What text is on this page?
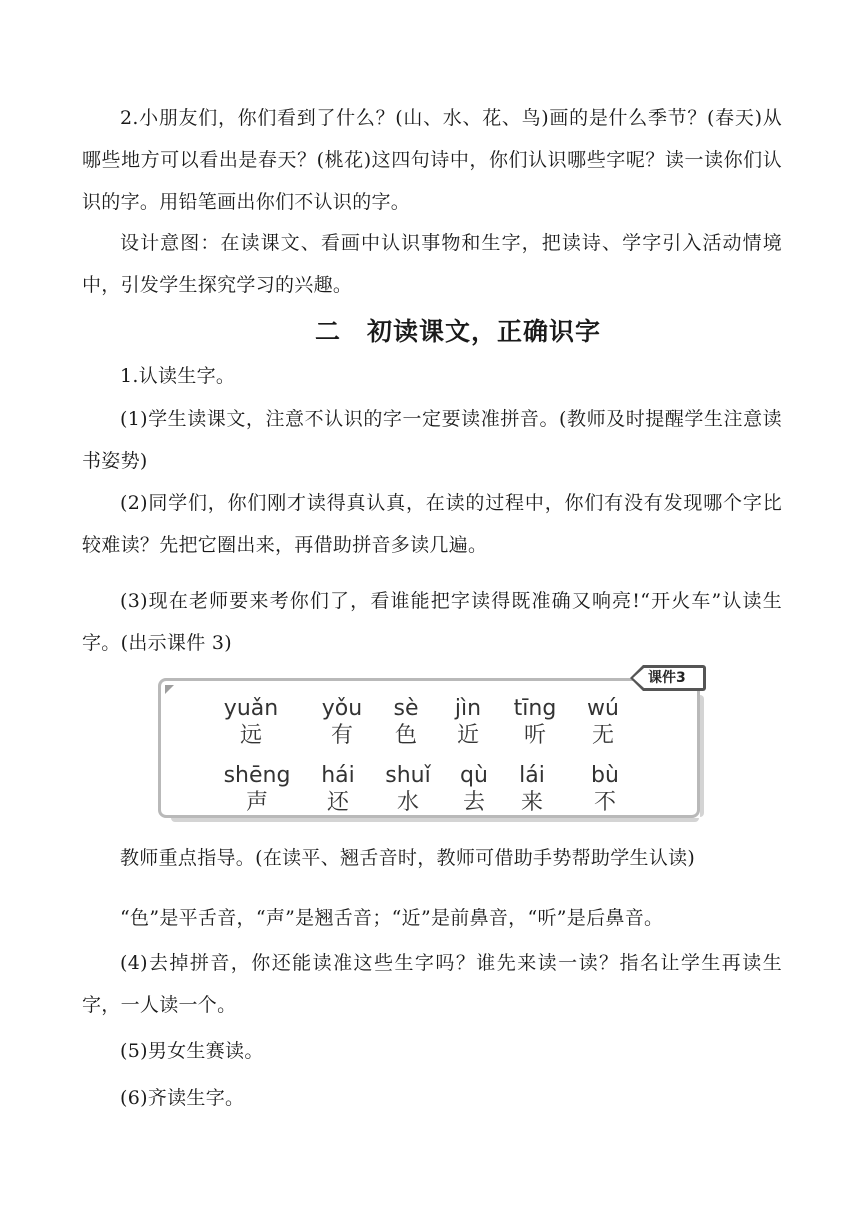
2.小朋友们，你们看到了什么？(山、水、花、鸟)画的是什么季节？(春天)从哪些地方可以看出是春天？(桃花)这四句诗中，你们认识哪些字呢？读一读你们认识的字。用铅笔画出你们不认识的字。

设计意图：在读课文、看画中认识事物和生字，把读诗、学字引入活动情境中，引发学生探究学习的兴趣。

二　初读课文，正确识字

1.认读生字。

(1)学生读课文，注意不认识的字一定要读准拼音。(教师及时提醒学生注意读书姿势)

(2)同学们，你们刚才读得真认真，在读的过程中，你们有没有发现哪个字比较难读？先把它圈出来，再借助拼音多读几遍。

(3)现在老师要来考你们了，看谁能把字读得既准确又响亮!“开火车”认读生字。(出示课件 3)

课件3
yuǎn
远
yǒu
有
sè
色
jìn
近
tīng
听
wú
无
shēng
声
hái
还
shuǐ
水
qù
去
lái
来
bù
不

教师重点指导。(在读平、翘舌音时，教师可借助手势帮助学生认读)

“色”是平舌音，“声”是翘舌音；“近”是前鼻音，“听”是后鼻音。

(4)去掉拼音，你还能读准这些生字吗？谁先来读一读？指名让学生再读生字，一人读一个。

(5)男女生赛读。

(6)齐读生字。
